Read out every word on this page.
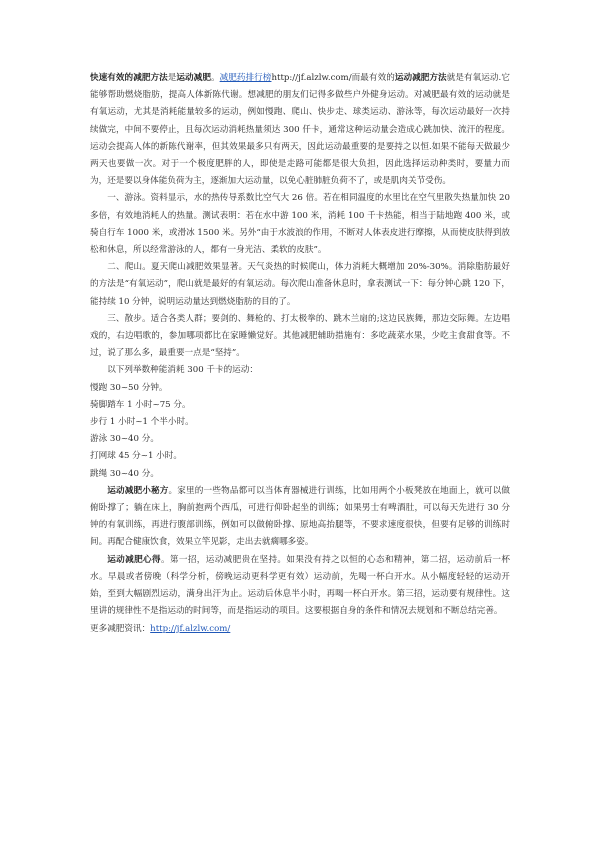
快速有效的减肥方法是运动减肥。减肥药排行榜http://jf.alzlw.com/而最有效的运动减肥方法就是有氧运动.它能够帮助燃烧脂肪，提高人体新陈代谢。想减肥的朋友们记得多做些户外健身运动。对减肥最有效的运动就是有氧运动，尤其是消耗能量较多的运动，例如慢跑、爬山、快步走、球类运动、游泳等，每次运动最好一次持续做完，中间不要停止，且每次运动消耗热量须达 300 仟卡，通常这种运动量会造成心跳加快、流汗的程度。运动会提高人体的新陈代谢率，但其效果最多只有两天，因此运动最重要的是要持之以恒.如果不能每天做最少两天也要做一次。对于一个极度肥胖的人，即使是走路可能都是很大负担，因此选择运动种类时，要量力而为，还是要以身体能负荷为主，逐渐加大运动量，以免心脏肺脏负荷不了，或是肌肉关节受伤。

一、游泳。资料显示，水的热传导系数比空气大 26 倍。若在相同温度的水里比在空气里散失热量加快 20 多倍，有效地消耗人的热量。测试表明：若在水中游 100 米，消耗 100 千卡热能，相当于陆地跑 400 米，或骑自行车 1000 米，或滑冰 1500 米。另外“由于水波浪的作用，不断对人体表皮进行摩擦，从而使皮肤得到放松和休息，所以经常游泳的人，都有一身光洁、柔软的皮肤”。

二、爬山。夏天爬山减肥效果显著。天气炎热的时候爬山，体力消耗大概增加 20%-30%。消除脂肪最好的方法是“有氧运动”，爬山就是最好的有氧运动。每次爬山准备休息时，拿表测试一下：每分钟心跳 120 下，能持续 10 分钟，说明运动量达到燃烧脂肪的目的了。

三、散步。适合各类人群；要剑的、舞枪的、打太极拳的、跳木兰扇的;这边民族舞，那边交际舞。左边唱戏的，右边唱歌的，参加哪项都比在家睡懒觉好。其他减肥辅助措施有：多吃蔬菜水果，少吃主食甜食等。不过，说了那么多，最重要一点是“坚持”。

以下列举数种能消耗 300 千卡的运动：

慢跑 30~50 分钟。

骑脚踏车 1 小时~75 分。

步行 1 小时~1 个半小时。

游泳 30~40 分。

打网球 45 分~1 小时。

跳绳 30~40 分。

运动减肥小秘方。家里的一些物品都可以当体育器械进行训练，比如用两个小板凳放在地面上，就可以做俯卧撑了；躺在床上，胸前抱两个西瓜，可进行仰卧起坐的训练；如果男士有啤酒肚，可以每天先进行 30 分钟的有氧训练，再进行腹部训练，例如可以做俯卧撑、原地高抬腿等，不要求速度很快，但要有足够的训练时间。再配合健康饮食，效果立竿见影，走出去就瘸哪多姿。

运动减肥心得。第一招，运动减肥贵在坚持。如果没有持之以恒的心态和精神，第二招，运动前后一杯水。早晨或者傍晚（科学分析，傍晚运动更科学更有效）运动前，先喝一杯白开水。从小幅度轻轻的运动开始，至到大幅剧烈运动，满身出汗为止。运动后休息半小时，再喝一杯白开水。第三招，运动要有规律性。这里讲的规律性不是指运动的时间等，而是指运动的项目。这要根据自身的条件和情况去规划和不断总结完善。

更多减肥资讯：http://jf.alzlw.com/
